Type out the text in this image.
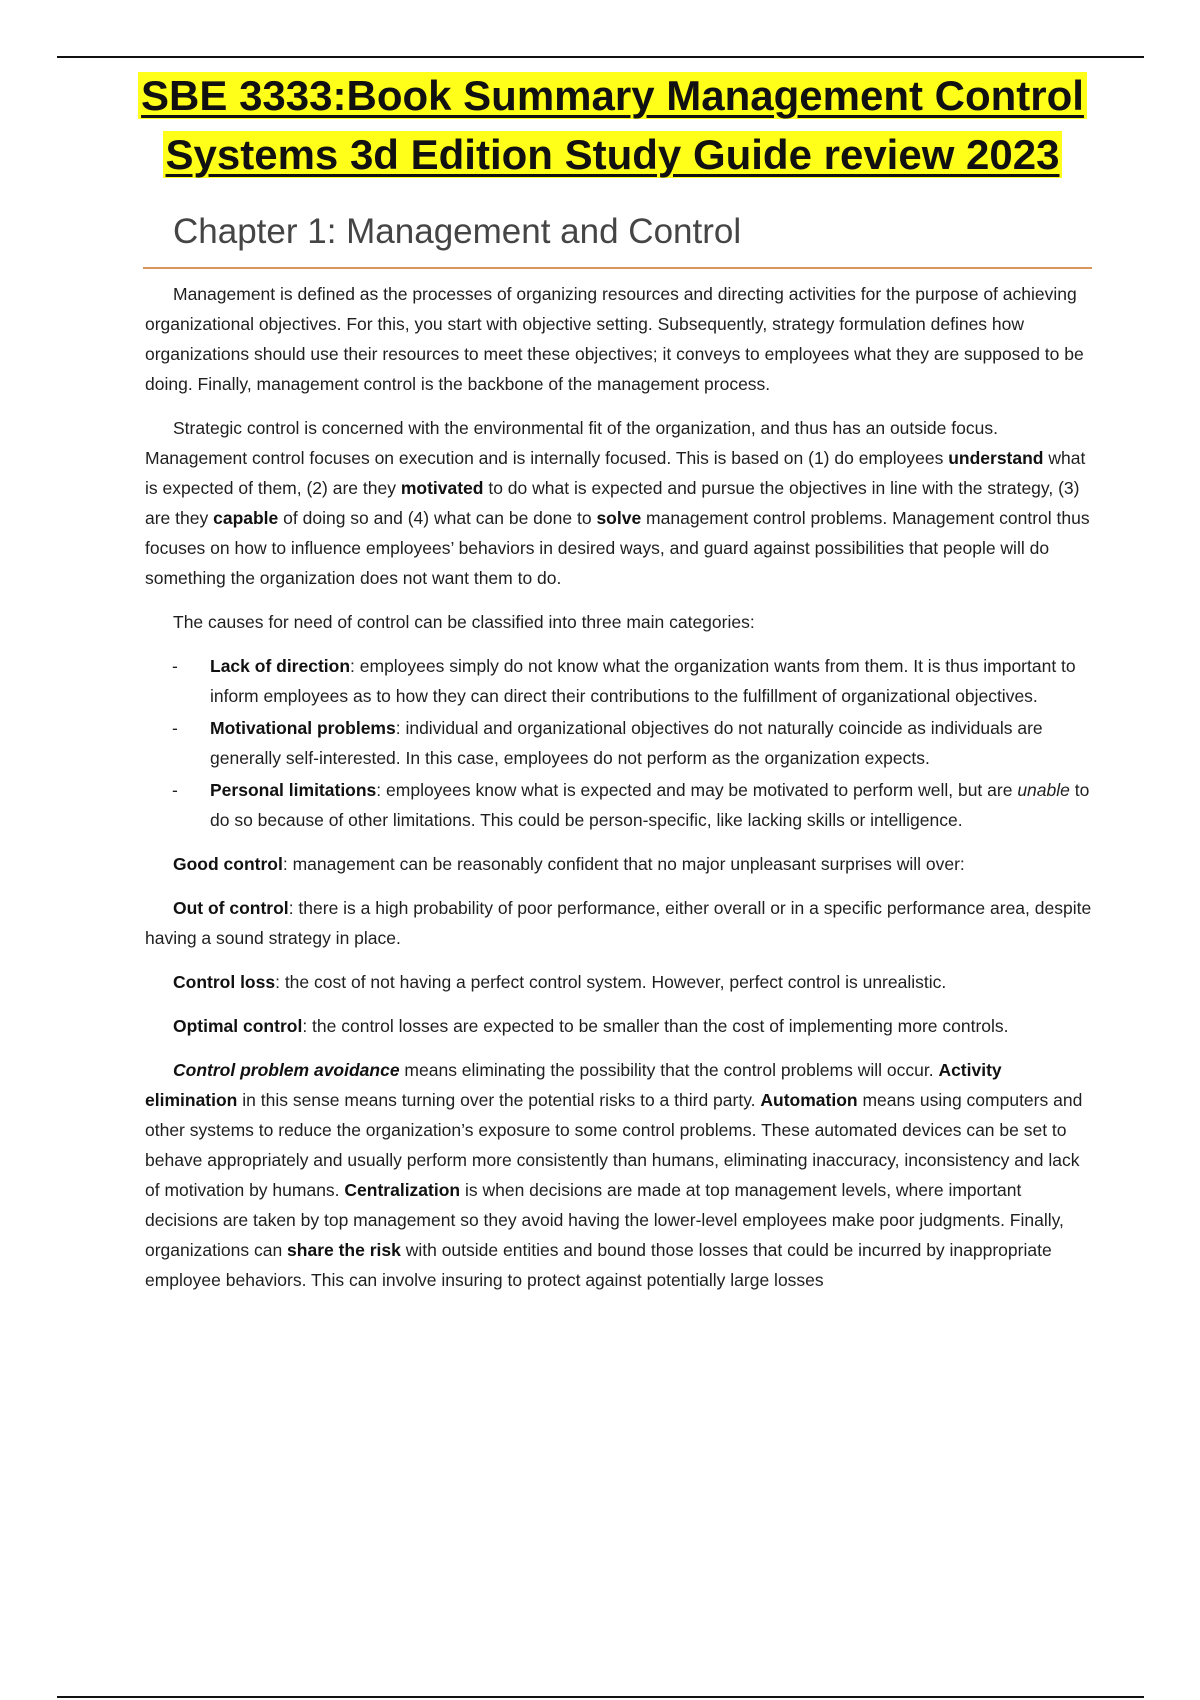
SBE 3333:Book Summary Management Control
Systems 3d Edition Study Guide review 2023
Chapter 1: Management and Control

Management is defined as the processes of organizing resources and directing activities for the purpose of achieving organizational objectives. For this, you start with objective setting. Subsequently, strategy formulation defines how organizations should use their resources to meet these objectives; it conveys to employees what they are supposed to be doing. Finally, management control is the backbone of the management process.

Strategic control is concerned with the environmental fit of the organization, and thus has an outside focus. Management control focuses on execution and is internally focused. This is based on (1) do employees understand what is expected of them, (2) are they motivated to do what is expected and pursue the objectives in line with the strategy, (3) are they capable of doing so and (4) what can be done to solve management control problems. Management control thus focuses on how to influence employees’ behaviors in desired ways, and guard against possibilities that people will do something the organization does not want them to do.

The causes for need of control can be classified into three main categories:

- Lack of direction: employees simply do not know what the organization wants from them. It is thus important to inform employees as to how they can direct their contributions to the fulfillment of organizational objectives.
- Motivational problems: individual and organizational objectives do not naturally coincide as individuals are generally self-interested. In this case, employees do not perform as the organization expects.
- Personal limitations: employees know what is expected and may be motivated to perform well, but are unable to do so because of other limitations. This could be person-specific, like lacking skills or intelligence.

Good control: management can be reasonably confident that no major unpleasant surprises will over:

Out of control: there is a high probability of poor performance, either overall or in a specific performance area, despite having a sound strategy in place.

Control loss: the cost of not having a perfect control system. However, perfect control is unrealistic.

Optimal control: the control losses are expected to be smaller than the cost of implementing more controls.

Control problem avoidance means eliminating the possibility that the control problems will occur. Activity elimination in this sense means turning over the potential risks to a third party. Automation means using computers and other systems to reduce the organization’s exposure to some control problems. These automated devices can be set to behave appropriately and usually perform more consistently than humans, eliminating inaccuracy, inconsistency and lack of motivation by humans. Centralization is when decisions are made at top management levels, where important decisions are taken by top management so they avoid having the lower-level employees make poor judgments. Finally, organizations can share the risk with outside entities and bound those losses that could be incurred by inappropriate employee behaviors. This can involve insuring to protect against potentially large losses
